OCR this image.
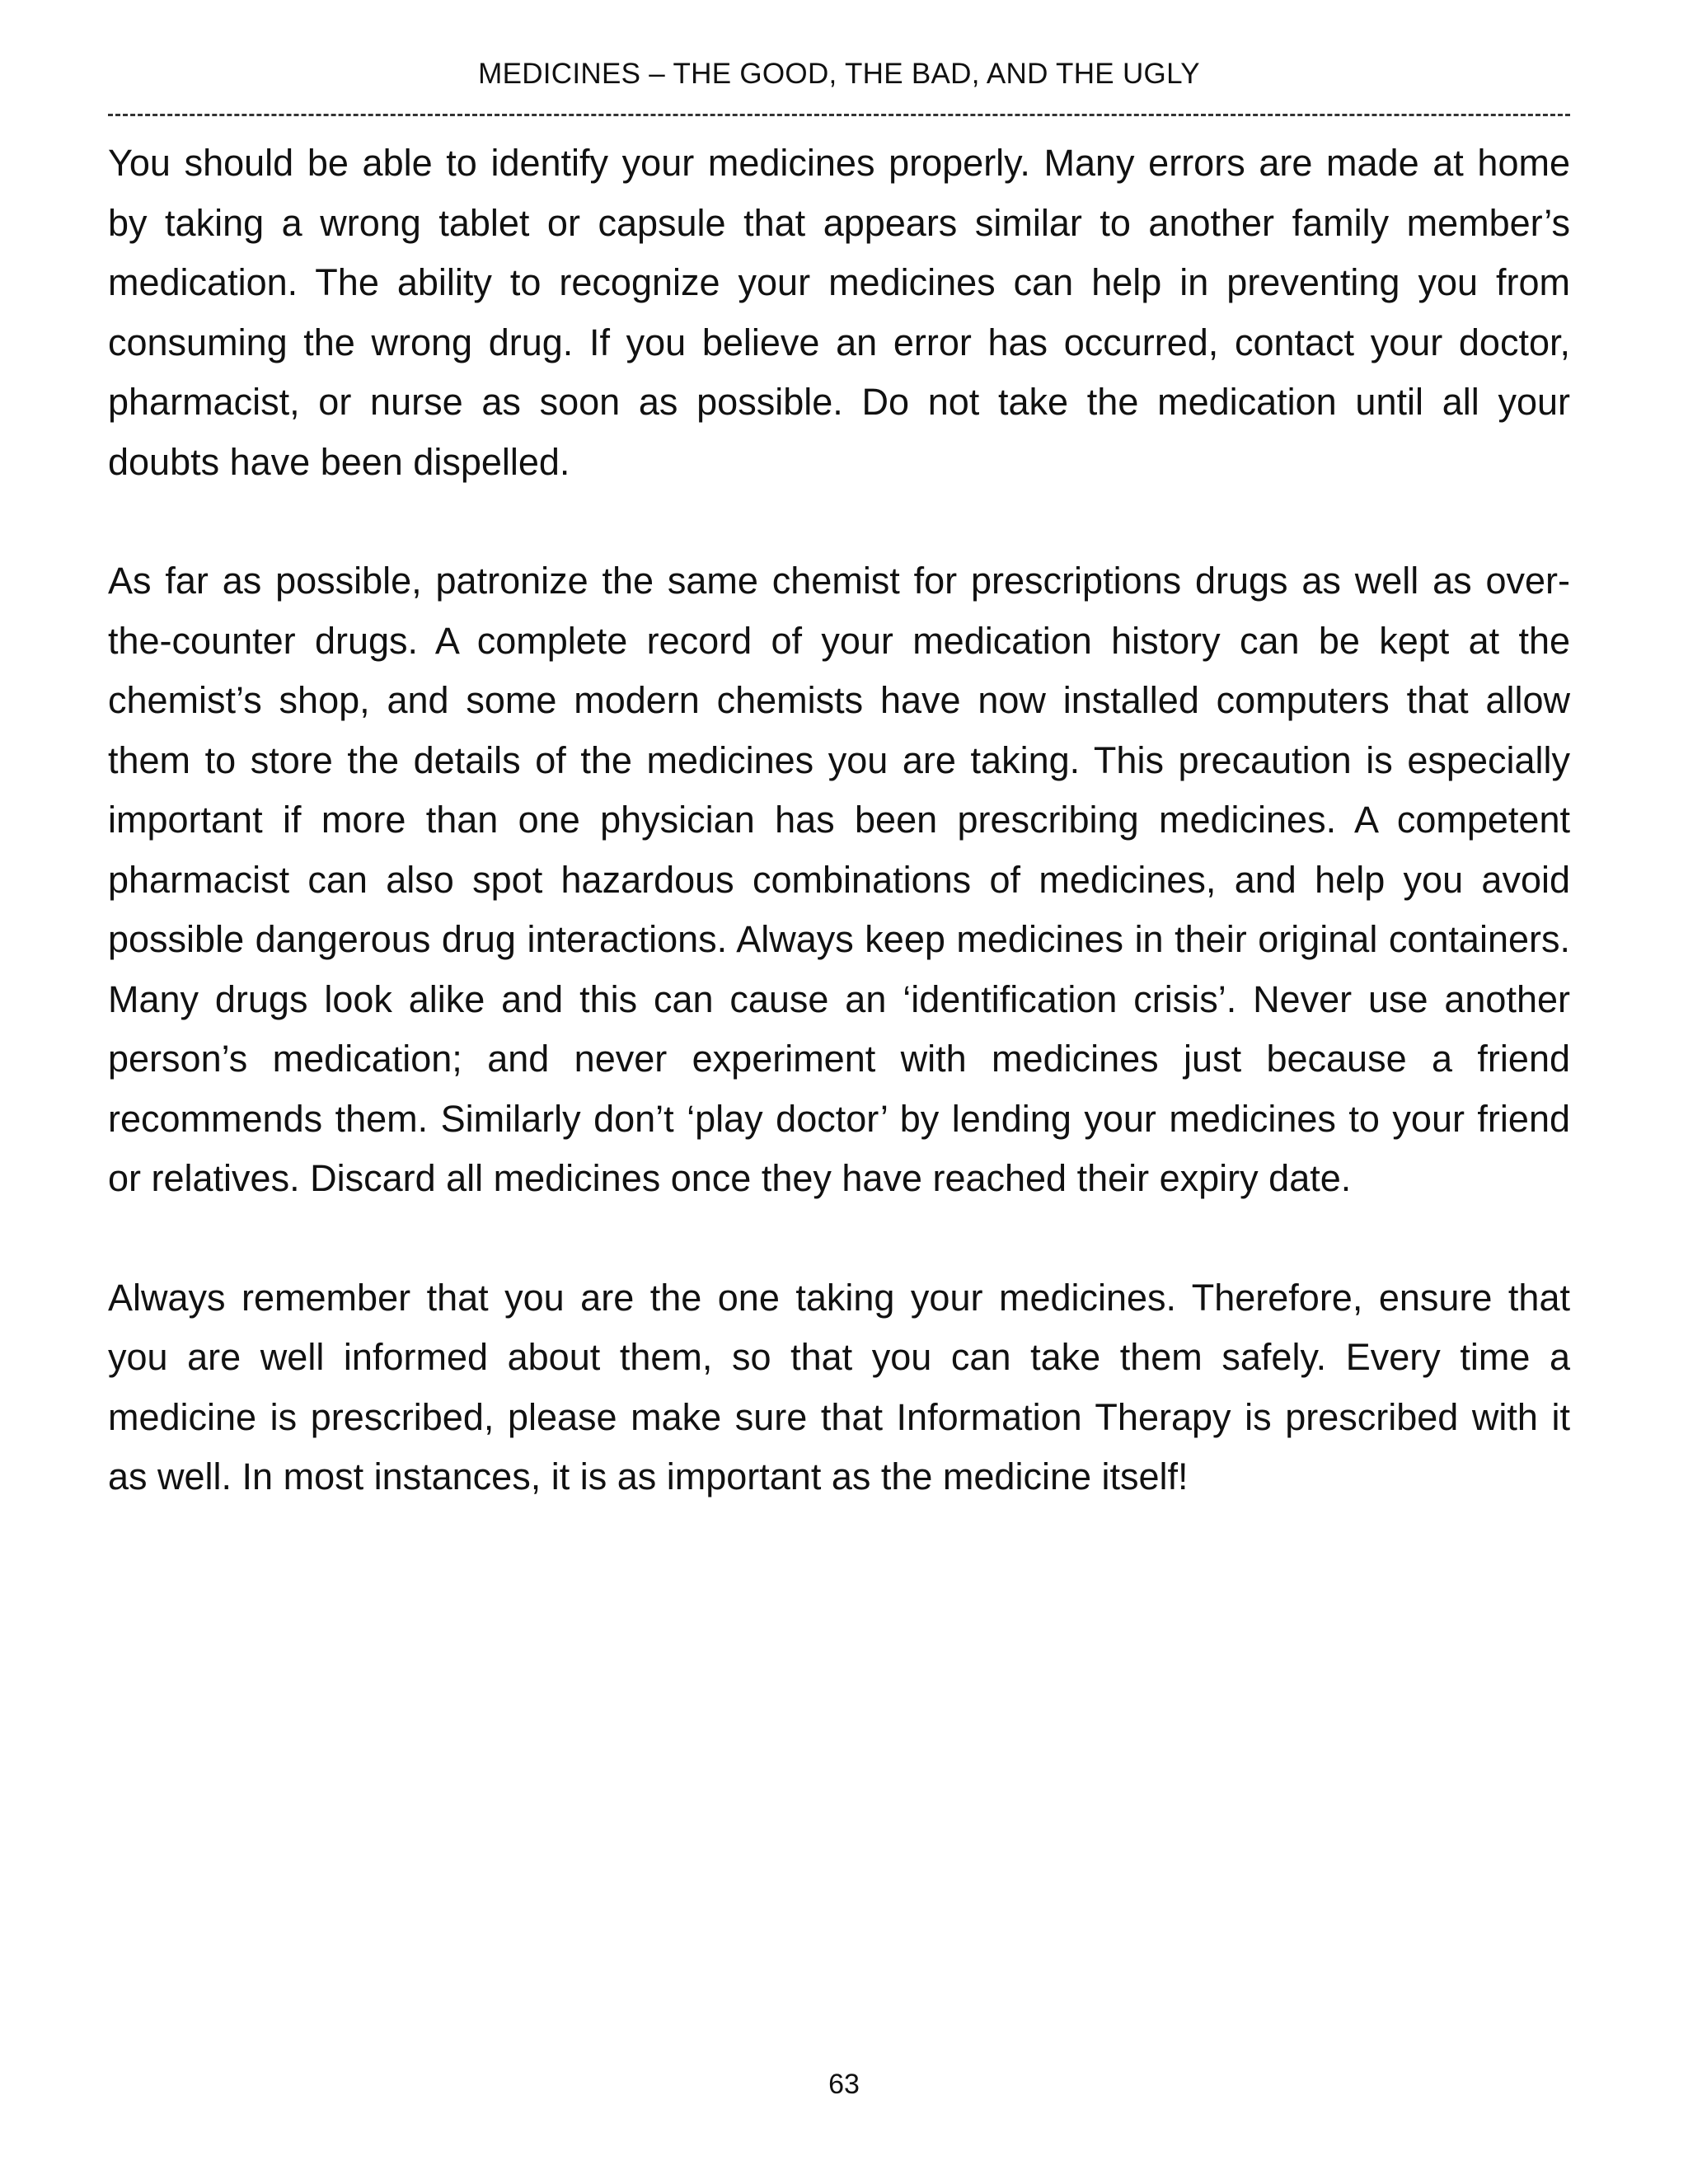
MEDICINES – THE GOOD, THE BAD, AND THE UGLY

You should be able to identify your medicines properly. Many errors are made at home by taking a wrong tablet or capsule that appears similar to another family member’s medication. The ability to recognize your medicines can help in preventing you from consuming the wrong drug. If you believe an error has occurred, contact your doctor, pharmacist, or nurse as soon as possible. Do not take the medication until all your doubts have been dispelled.

As far as possible, patronize the same chemist for prescriptions drugs as well as over-the-counter drugs. A complete record of your medication history can be kept at the chemist’s shop, and some modern chemists have now installed computers that allow them to store the details of the medicines you are taking. This precaution is especially important if more than one physician has been prescribing medicines. A competent pharmacist can also spot hazardous combinations of medicines, and help you avoid possible dangerous drug interactions. Always keep medicines in their original containers. Many drugs look alike and this can cause an ‘identification crisis’. Never use another person’s medication; and never experiment with medicines just because a friend recommends them. Similarly don’t ‘play doctor’ by lending your medicines to your friend or relatives. Discard all medicines once they have reached their expiry date.

Always remember that you are the one taking your medicines. Therefore, ensure that you are well informed about them, so that you can take them safely. Every time a medicine is prescribed, please make sure that Information Therapy is prescribed with it as well. In most instances, it is as important as the medicine itself!

63
